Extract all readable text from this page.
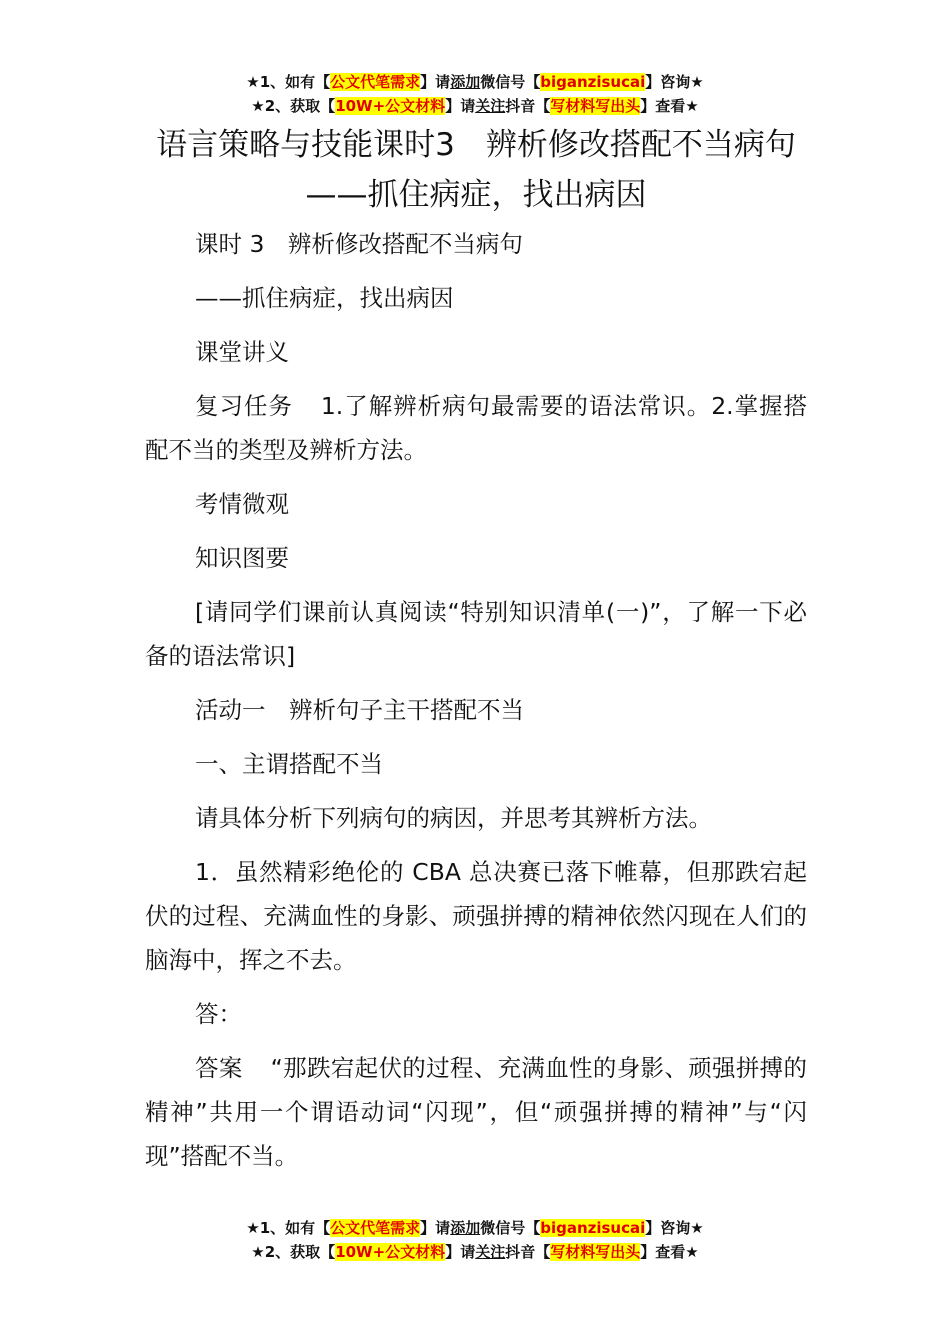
★1、如有【公文代笔需求】请添加微信号【biganzisucai】咨询★
★2、获取【10W+公文材料】请关注抖音【写材料写出头】查看★
语言策略与技能课时3　辨析修改搭配不当病句——抓住病症，找出病因

课时 3　辨析修改搭配不当病句

——抓住病症，找出病因

课堂讲义

复习任务 1.了解辨析病句最需要的语法常识。2.掌握搭配不当的类型及辨析方法。

考情微观

知识图要

[请同学们课前认真阅读“特别知识清单(一)”，了解一下必备的语法常识]

活动一　辨析句子主干搭配不当

一、主谓搭配不当

请具体分析下列病句的病因，并思考其辨析方法。

1．虽然精彩绝伦的 CBA 总决赛已落下帷幕，但那跌宕起伏的过程、充满血性的身影、顽强拼搏的精神依然闪现在人们的脑海中，挥之不去。

答：

答案 “那跌宕起伏的过程、充满血性的身影、顽强拼搏的精神”共用一个谓语动词“闪现”，但“顽强拼搏的精神”与“闪现”搭配不当。

★1、如有【公文代笔需求】请添加微信号【biganzisucai】咨询★
★2、获取【10W+公文材料】请关注抖音【写材料写出头】查看★
